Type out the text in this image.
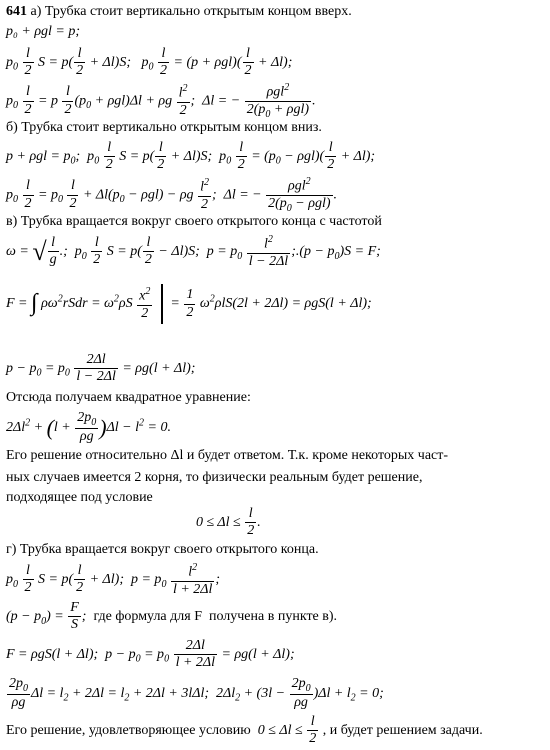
641 а) Трубка стоит вертикально открытым концом вверх.
p₀ + ρgl = p;
$p_0 \frac{l}{2}$ $S = p( \frac{l}{2} + \Delta l)S$;   $p_0 \frac{l}{2} = (p + \rho gl)( \frac{l}{2} + \Delta l)$;
$p_0 \frac{l}{2} = p \frac{l}{2} (p_0 + \rho gl)\Delta l + \rho g \frac{l^2}{2}$ ;  Δl = −
ρgl$^2$
$2(p_0 + \rho gl)$
.
б) Трубка стоит вертикально открытым концом вниз.
$p + \rho gl = p_0$;  $p_0 \frac{l}{2}$ $S = p( \frac{l}{2} + \Delta l)S$;  $p_0 \frac{l}{2} = (p_0 - \rho gl)( \frac{l}{2} + \Delta l)$;
$p_0 \frac{l}{2} = p_0 \frac{l}{2} + \Delta l(p_0 - \rho gl) - \rho g \frac{l^2}{2}$ ;  Δl = −
ρgl$^2$
$2(p_0 - \rho gl)$
.
в) Трубка вращается вокруг своего открытого конца с частотой
ω = √ $\frac{l}{g}$ .;  $p_0 \frac{l}{2}$ $S = p( \frac{l}{2} - \Delta l)S$;  $p = p_0 \frac{l^2}{l - 2\Delta l}$ ;.(p − $p_0)S = F$;
F = ∫ $\rho\omega^2rSdr = \omega^2\rho S \frac{x^2}{2} = \frac{1}{2} \omega^2\rho lS(2l + 2\Delta l) = \rho gS(l + \Delta l)$;
$p - p_0 = p_0 \frac{2\Delta l}{l - 2\Delta l} = \rho g(l + \Delta l)$;
Отсюда получаем квадратное уравнение:
$2\Delta l^2 + (l + \frac{2p_0}{\rho g} )\Delta l - l^2 = 0$.
Его решение относительно Δl и будет ответом. Т.к. кроме некоторых част-
ных случаев имеется 2 корня, то физически реальным будет решение,
подходящее под условие
$0 \le \Delta l \le \frac{l}{2}$ .
г) Трубка вращается вокруг своего открытого конца.
$p_0 \frac{l}{2}$ $S = p( \frac{l}{2} + \Delta l)$;  $p = p_0 \frac{l^2}{l + 2\Delta l}$ ;
$(p - p_0) = \frac{F}{S}$ ;  где формула для F  получена в пункте в).
F = ρgS(l + Δl);  $p - p_0 = p_0 \frac{2\Delta l}{l + 2\Delta l} = \rho g(l + \Delta l)$;
$\frac{2p_0}{\rho g}$ $\Delta l = l_2 + 2\Delta l = l_2 + 2\Delta l + 3l\Delta l$;  $2\Delta l_2 + (3l - \frac{2p_0}{\rho g} )\Delta l + l_2 = 0$;
Его решение, удовлетворяющее условию  $0 \le \Delta l \le \frac{l}{2}$ , и будет решением задачи.
